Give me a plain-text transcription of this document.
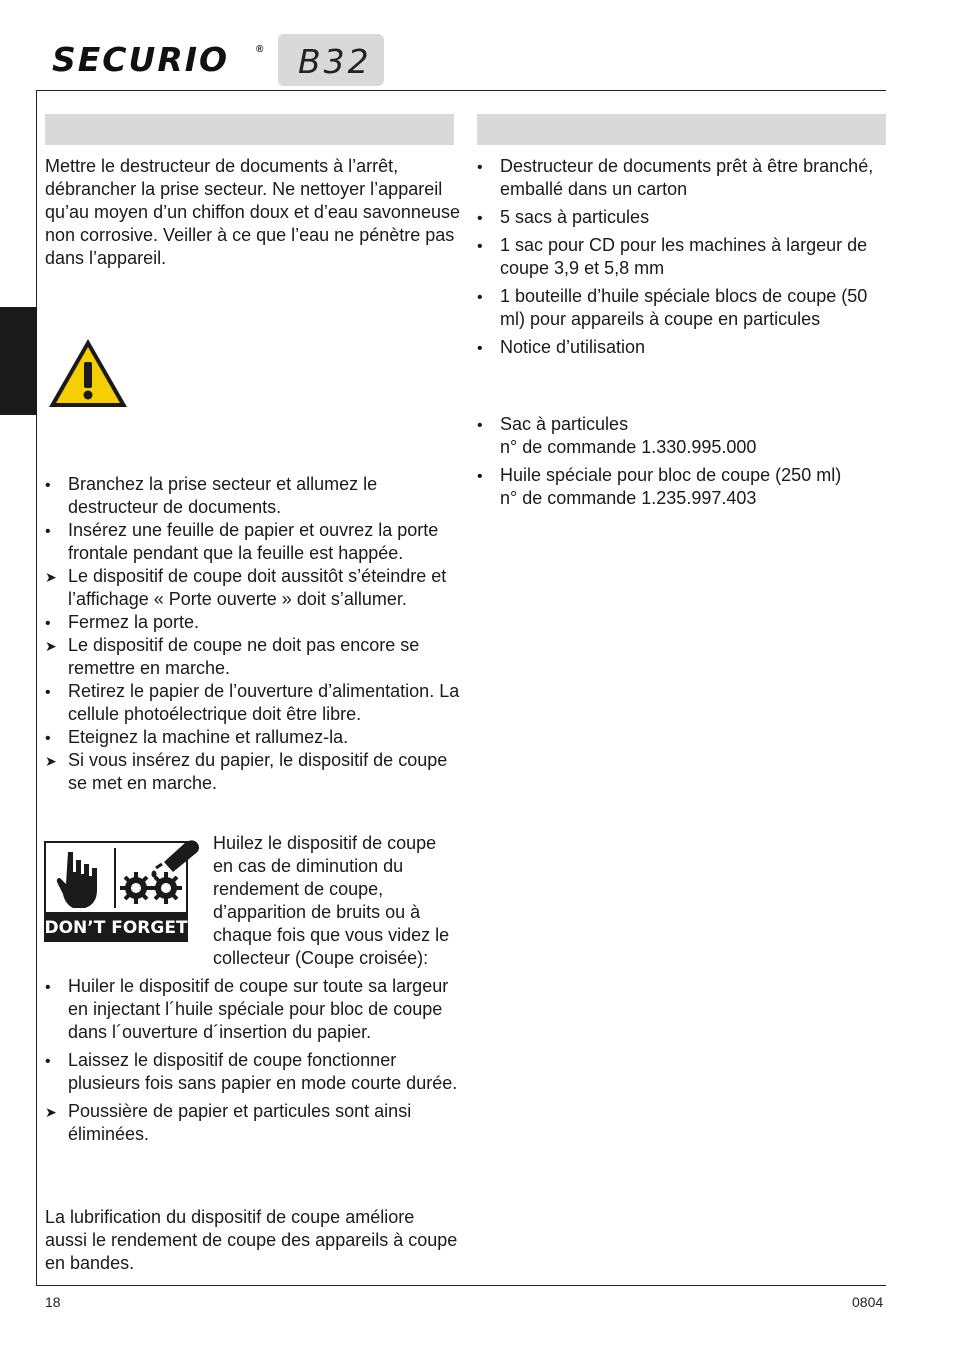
SECURIO	® B32

Mettre le destructeur de documents à l’arrêt, débrancher la prise secteur. Ne nettoyer l’appareil qu’au moyen d’un chiffon doux et d’eau savonneuse non corrosive. Veiller à ce que l’eau ne pénètre pas dans l’appareil.

•
Branchez la prise secteur et allumez le destructeur de documents.
•
Insérez une feuille de papier et ouvrez la porte frontale pendant que la feuille est happée.
➤
Le dispositif de coupe doit aussitôt s’éteindre et l’affichage « Porte ouverte » doit s’allumer.
•
Fermez la porte.
➤
Le dispositif de coupe ne doit pas encore se remettre en marche.
•
Retirez le papier de l’ouverture d’alimentation. La cellule photoélectrique doit être libre.
•
Eteignez la machine et rallumez-la.
➤
Si vous insérez du papier, le dispositif de coupe se met en marche.
DON’T FORGET

Huilez le dispositif de coupe en cas de diminution du rendement de coupe, d’apparition de bruits ou à chaque fois que vous videz le collecteur (Coupe croisée):

•
Huiler le dispositif de coupe sur toute sa largeur en injectant l´huile spéciale pour bloc de coupe dans l´ouverture d´insertion du papier.
•
Laissez le dispositif de coupe fonctionner plusieurs fois sans papier en mode courte durée.
➤
Poussière de papier et particules sont ainsi éliminées.

La lubrification du dispositif de coupe améliore aussi le rendement de coupe des appareils à coupe en bandes.

•
Destructeur de documents prêt à être branché, emballé dans un carton
•
5 sacs à particules
•
1 sac pour CD pour les machines à largeur de coupe 3,9 et 5,8 mm
•
1 bouteille d’huile spéciale blocs de coupe (50 ml) pour appareils à coupe en particules
•
Notice d’utilisation
•
Sac à particules
n° de commande 1.330.995.000
•
Huile spéciale pour bloc de coupe (250 ml)
n° de commande 1.235.997.403
18	0804
